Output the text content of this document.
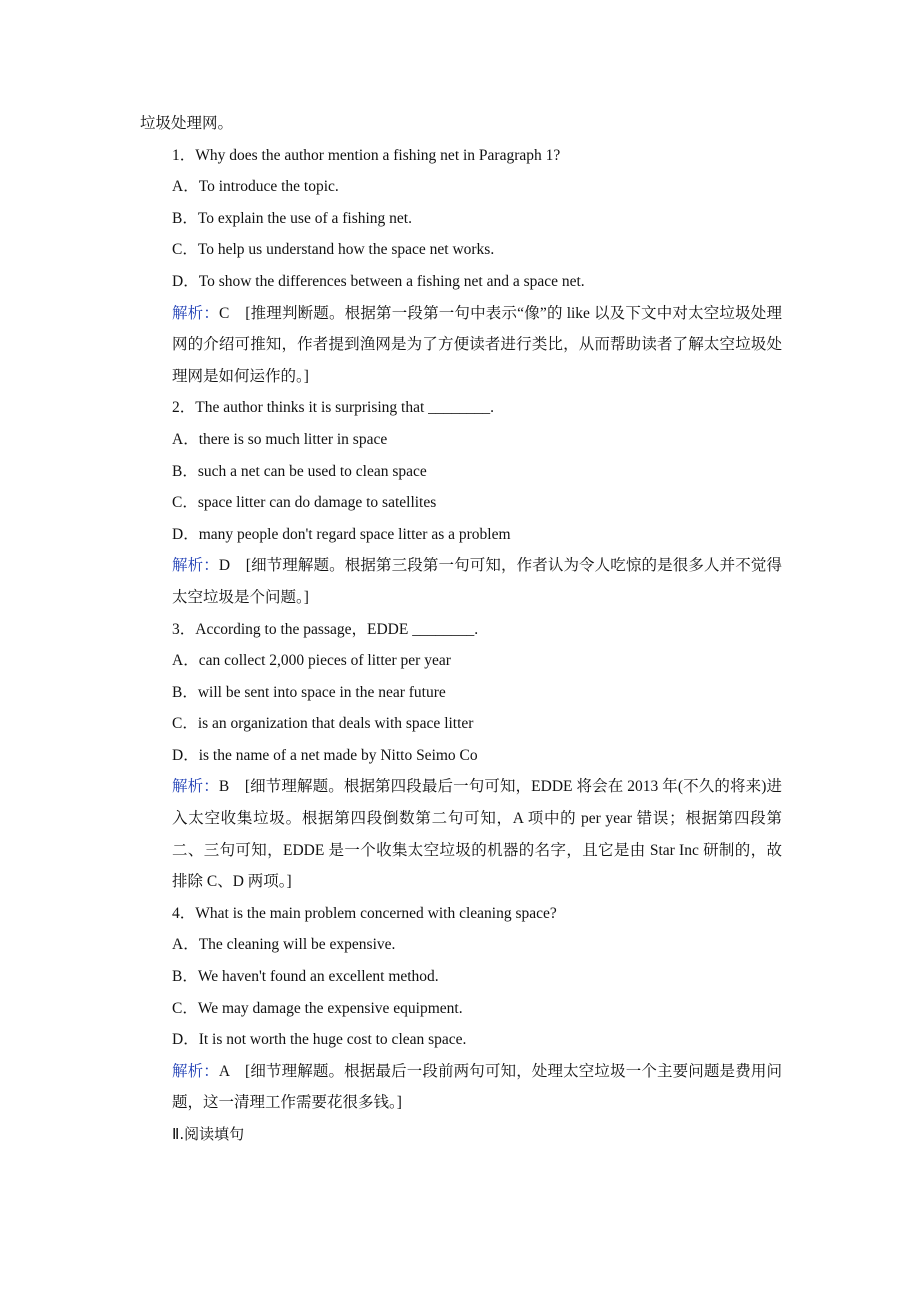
垃圾处理网。
1．Why does the author mention a fishing net in Paragraph 1?
A．To introduce the topic.
B．To explain the use of a fishing net.
C．To help us understand how the space net works.
D．To show the differences between a fishing net and a space net.
解析：C　[推理判断题。根据第一段第一句中表示“像”的 like 以及下文中对太空垃圾处理网的介绍可推知，作者提到渔网是为了方便读者进行类比，从而帮助读者了解太空垃圾处理网是如何运作的。]
2．The author thinks it is surprising that ________.
A．there is so much litter in space
B．such a net can be used to clean space
C．space litter can do damage to satellites
D．many people don't regard space litter as a problem
解析：D　[细节理解题。根据第三段第一句可知，作者认为令人吃惊的是很多人并不觉得太空垃圾是个问题。]
3．According to the passage，EDDE ________.
A．can collect 2,000 pieces of litter per year
B．will be sent into space in the near future
C．is an organization that deals with space litter
D．is the name of a net made by Nitto Seimo Co
解析：B　[细节理解题。根据第四段最后一句可知，EDDE 将会在 2013 年(不久的将来)进入太空收集垃圾。根据第四段倒数第二句可知，A 项中的 per year 错误；根据第四段第二、三句可知，EDDE 是一个收集太空垃圾的机器的名字，且它是由 Star Inc 研制的，故排除 C、D 两项。]
4．What is the main problem concerned with cleaning space?
A．The cleaning will be expensive.
B．We haven't found an excellent method.
C．We may damage the expensive equipment.
D．It is not worth the huge cost to clean space.
解析：A　[细节理解题。根据最后一段前两句可知，处理太空垃圾一个主要问题是费用问题，这一清理工作需要花很多钱。]
Ⅱ.阅读填句
